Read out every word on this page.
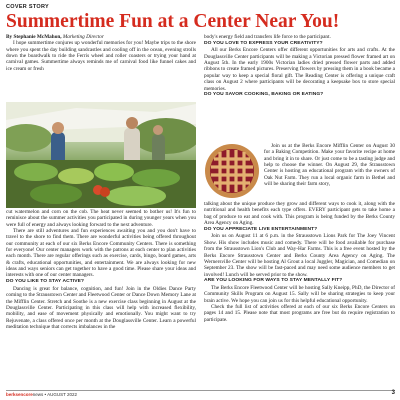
COVER STORY
Summertime Fun at a Center Near You!

By Stephanie McMahon, Marketing Director

I hope summertime conjures up wonderful memories for you! Maybe trips to the shore where you spent the day building sandcastles and cooling off in the ocean, evening strolls down the boardwalk to ride the Ferris wheel and roller coasters or trying your hand at carnival games. Summertime always reminds me of carnival food like funnel cakes and ice cream or fresh

cut watermelon and corn on the cob. The heat never seemed to bother us! It's fun to reminisce about the summer activities you participated in during younger years when you were full of energy and always looking forward to the next adventure.

There are still adventures and fun experiences awaiting you and you don't have to travel to the shore to find them. There are wonderful activities being offered throughout our community at each of our six Berks Encore Community Centers. There is something for everyone! Our center managers work with the patrons at each center to plan activities each month. There are regular offerings such as exercise, cards, bingo, board games, arts & crafts, educational opportunities, and entertainment. We are always looking for new ideas and ways seniors can get together to have a good time. Please share your ideas and interests with one of our center managers.

DO YOU LIKE TO STAY ACTIVE?

Dancing is great for balance, cognition, and fun! Join in the Oldies Dance Party coming to the Strausstown Center and Fleetwood Center or Dance Down Memory Lane at the Mifflin Center. Stretch and Soothe is a new exercise class beginning in August at the Douglassville Center. Participating in this class will help with increased flexibility, mobility, and ease of movement physically and emotionally. You might want to try Rejuvenate, a class offered once per month at the Douglassville Center. Learn a powerful meditation technique that corrects imbalances in the

body's energy field and transfers life force to the participant.

DO YOU LOVE TO EXPRESS YOUR CREATIVITY?

All our Berks Encore Centers offer different opportunities for arts and crafts. At the Douglassville Center participants will be making a Victorian pressed flower framed art on August 5th. In the early 1900s Victorian ladies dried pressed flower parts and added ribbons to create framed pictures. Preserving flowers by pressing them in a book became a popular way to keep a special floral gift. The Reading Center is offering a unique craft class on August 2 where participants will be decorating a keepsake box to store special memories.

DO YOU SAVOR COOKING, BAKING OR EATING?

Join us at the Berks Encore Mifflin Center on August 30 for a Baking Competition. Make your favorite recipe at home and bring it in to share. Or just come to be a tasting judge and help to choose the winner. On August 29, the Strausstown Center is hosting an educational program with the owners of Oak Nut Farm. They run a local organic farm in Bethel and will be sharing their farm story,

talking about the unique produce they grow and different ways to cook it, along with the nutritional and health benefits each type offers. EVERY participant gets to take home a bag of produce to eat and cook with. This program is being funded by the Berks County Area Agency on Aging.

DO YOU APPRECIATE LIVE ENTERTAINMENT?

Join us on August 11 at 6 p.m. in the Strausstown Lions Park for The Joey Vincent Show. His show includes music and comedy. There will be food available for purchase from the Strausstown Lion's Club and Way-Har Farms. This is a free event hosted by the Berks Encore Strausstown Center and Berks County Area Agency on Aging. The Wernersville Center will be hosting Al Grout a local Juggler, Magician, and Comedian on September 23. The show will be fast-paced and may need some audience members to get involved! Lunch will be served prior to the show.

ARE YOU LOOKING FOR WAYS TO STAY MENTALLY FIT?

The Berks Encore Fleetwood Center will be hosting Sally Kneipp, PhD, the Director of Community Skills Program on August 15. Sally will be sharing strategies to keep your brain active. We hope you can join us for this helpful educational opportunity.

Check the full list of activities offered at each of our six Berks Encore Centers on pages 14 and 15. Please note that most programs are free but do require registration to participate.

berksencorenews • AUGUST 2022	3
